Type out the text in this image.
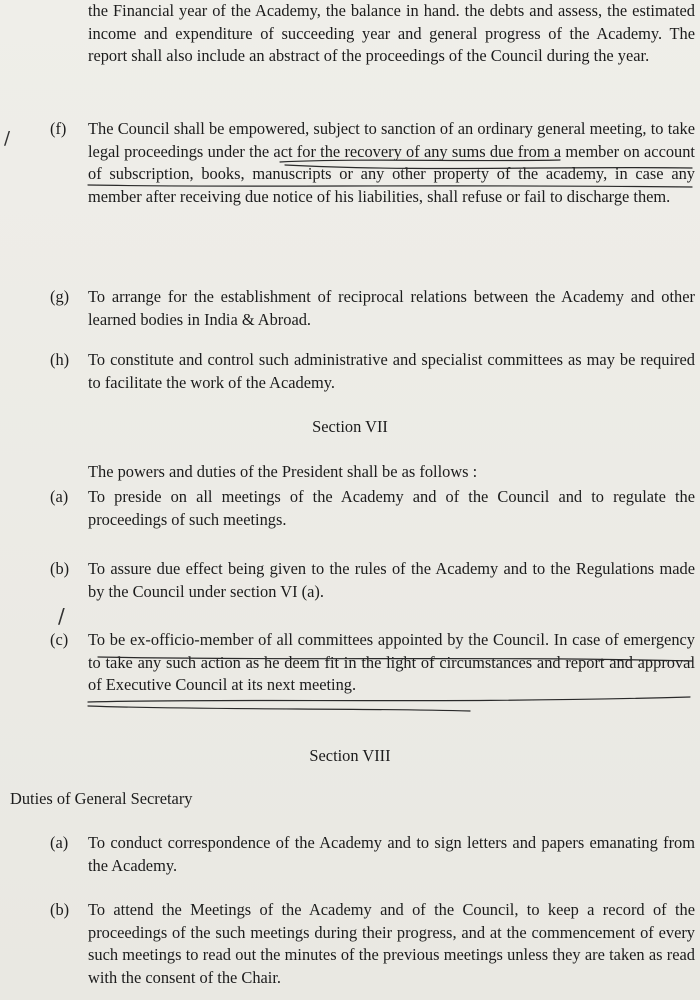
the Financial year of the Academy, the balance in hand. the debts and assess, the estimated income and expenditure of succeeding year and general progress of the Academy. The report shall also include an abstract of the proceedings of the Council during the year.

/ (f) The Council shall be empowered, subject to sanction of an ordinary general meeting, to take legal proceedings under the act for the recovery of any sums due from a member on account of subscription, books, manuscripts or any other property of the academy, in case any member after receiving due notice of his liabilities, shall refuse or fail to discharge them.

(g) To arrange for the establishment of reciprocal relations between the Academy and other learned bodies in India & Abroad.

(h) To constitute and control such administrative and specialist committees as may be required to facilitate the work of the Academy.

Section VII

The powers and duties of the President shall be as follows :

(a) To preside on all meetings of the Academy and of the Council and to regulate the proceedings of such meetings.

(b) To assure due effect being given to the rules of the Academy and to the Regulations made by the Council under section VI (a).

/
(c) To be ex-officio-member of all committees appointed by the Council. In case of emergency to take any such action as he deem fit in the light of circumstances and report and approval of Executive Council at its next meeting.

Section VIII

Duties of General Secretary

(a) To conduct correspondence of the Academy and to sign letters and papers emanating from the Academy.

(b) To attend the Meetings of the Academy and of the Council, to keep a record of the proceedings of the such meetings during their progress, and at the commencement of every such meetings to read out the minutes of the previous meetings unless they are taken as read with the consent of the Chair.
